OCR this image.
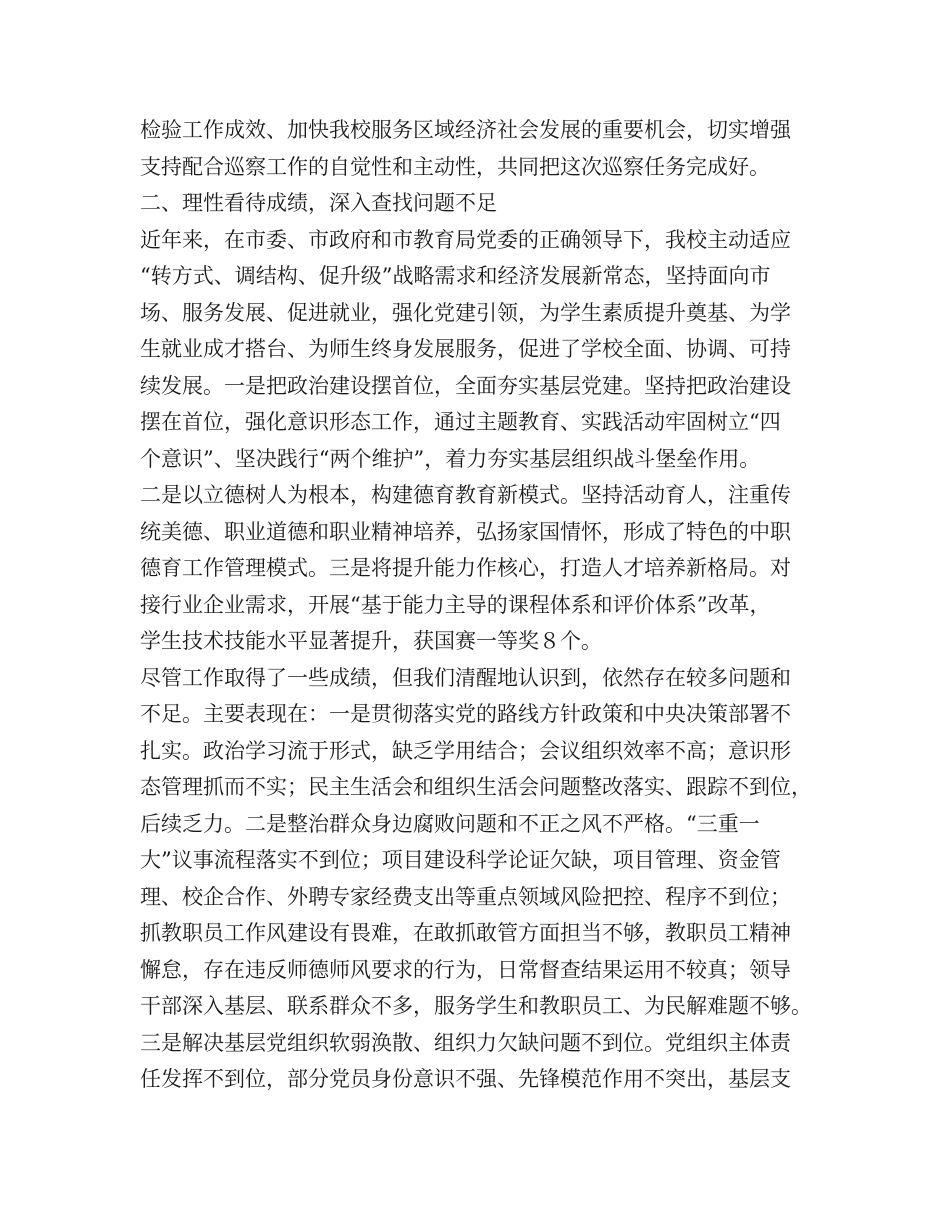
检验工作成效、加快我校服务区域经济社会发展的重要机会，切实增强
支持配合巡察工作的自觉性和主动性，共同把这次巡察任务完成好。
二、理性看待成绩，深入查找问题不足
近年来，在市委、市政府和市教育局党委的正确领导下，我校主动适应
“转方式、调结构、促升级”战略需求和经济发展新常态，坚持面向市
场、服务发展、促进就业，强化党建引领，为学生素质提升奠基、为学
生就业成才搭台、为师生终身发展服务，促进了学校全面、协调、可持
续发展。一是把政治建设摆首位，全面夯实基层党建。坚持把政治建设
摆在首位，强化意识形态工作，通过主题教育、实践活动牢固树立“四
个意识”、坚决践行“两个维护”，着力夯实基层组织战斗堡垒作用。
二是以立德树人为根本，构建德育教育新模式。坚持活动育人，注重传
统美德、职业道德和职业精神培养，弘扬家国情怀，形成了特色的中职
德育工作管理模式。三是将提升能力作核心，打造人才培养新格局。对
接行业企业需求，开展“基于能力主导的课程体系和评价体系”改革，
学生技术技能水平显著提升，获国赛一等奖８个。
尽管工作取得了一些成绩，但我们清醒地认识到，依然存在较多问题和
不足。主要表现在：一是贯彻落实党的路线方针政策和中央决策部署不
扎实。政治学习流于形式，缺乏学用结合；会议组织效率不高；意识形
态管理抓而不实；民主生活会和组织生活会问题整改落实、跟踪不到位，
后续乏力。二是整治群众身边腐败问题和不正之风不严格。“三重一
大”议事流程落实不到位；项目建设科学论证欠缺，项目管理、资金管
理、校企合作、外聘专家经费支出等重点领域风险把控、程序不到位；
抓教职员工作风建设有畏难，在敢抓敢管方面担当不够，教职员工精神
懈怠，存在违反师德师风要求的行为，日常督查结果运用不较真；领导
干部深入基层、联系群众不多，服务学生和教职员工、为民解难题不够。
三是解决基层党组织软弱涣散、组织力欠缺问题不到位。党组织主体责
任发挥不到位，部分党员身份意识不强、先锋模范作用不突出，基层支
